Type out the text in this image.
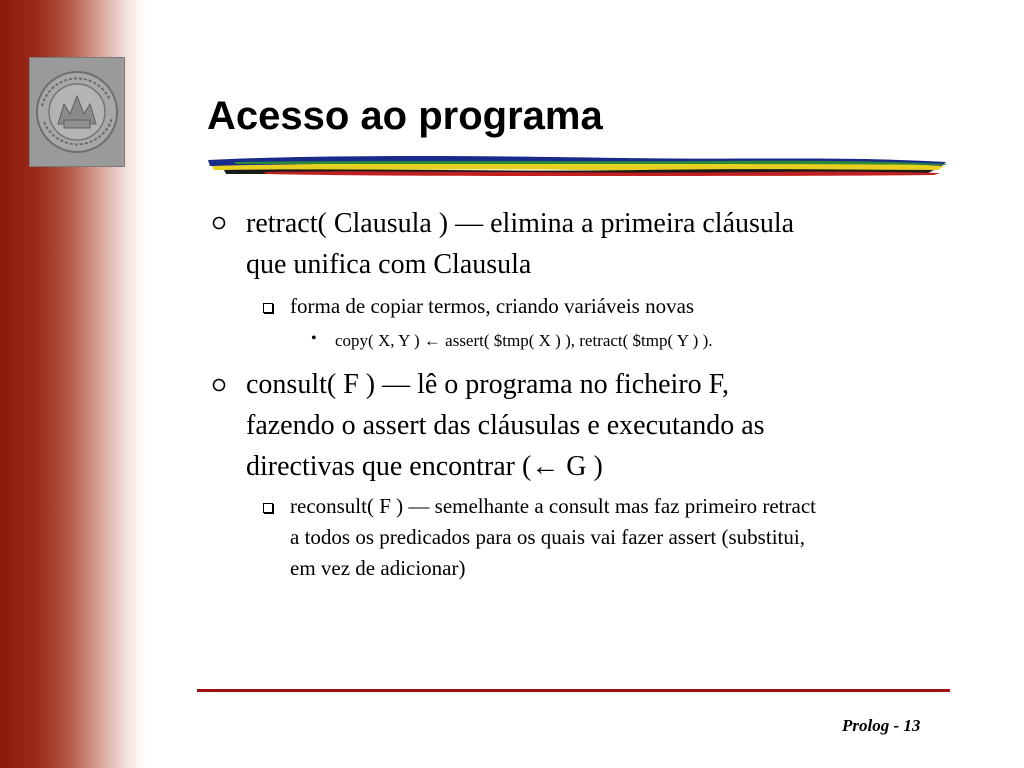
Acesso ao programa
retract( Clausula ) — elimina a primeira cláusula
que unifica com Clausula
forma de copiar termos, criando variáveis novas
• copy( X, Y ) ← assert( $tmp( X ) ), retract( $tmp( Y ) ).
consult( F ) — lê o programa no ficheiro F,
fazendo o assert das cláusulas e executando as
directivas que encontrar (← G )
reconsult( F ) — semelhante a consult mas faz primeiro retract
a todos os predicados para os quais vai fazer assert (substitui,
em vez de adicionar)
Prolog - 13
